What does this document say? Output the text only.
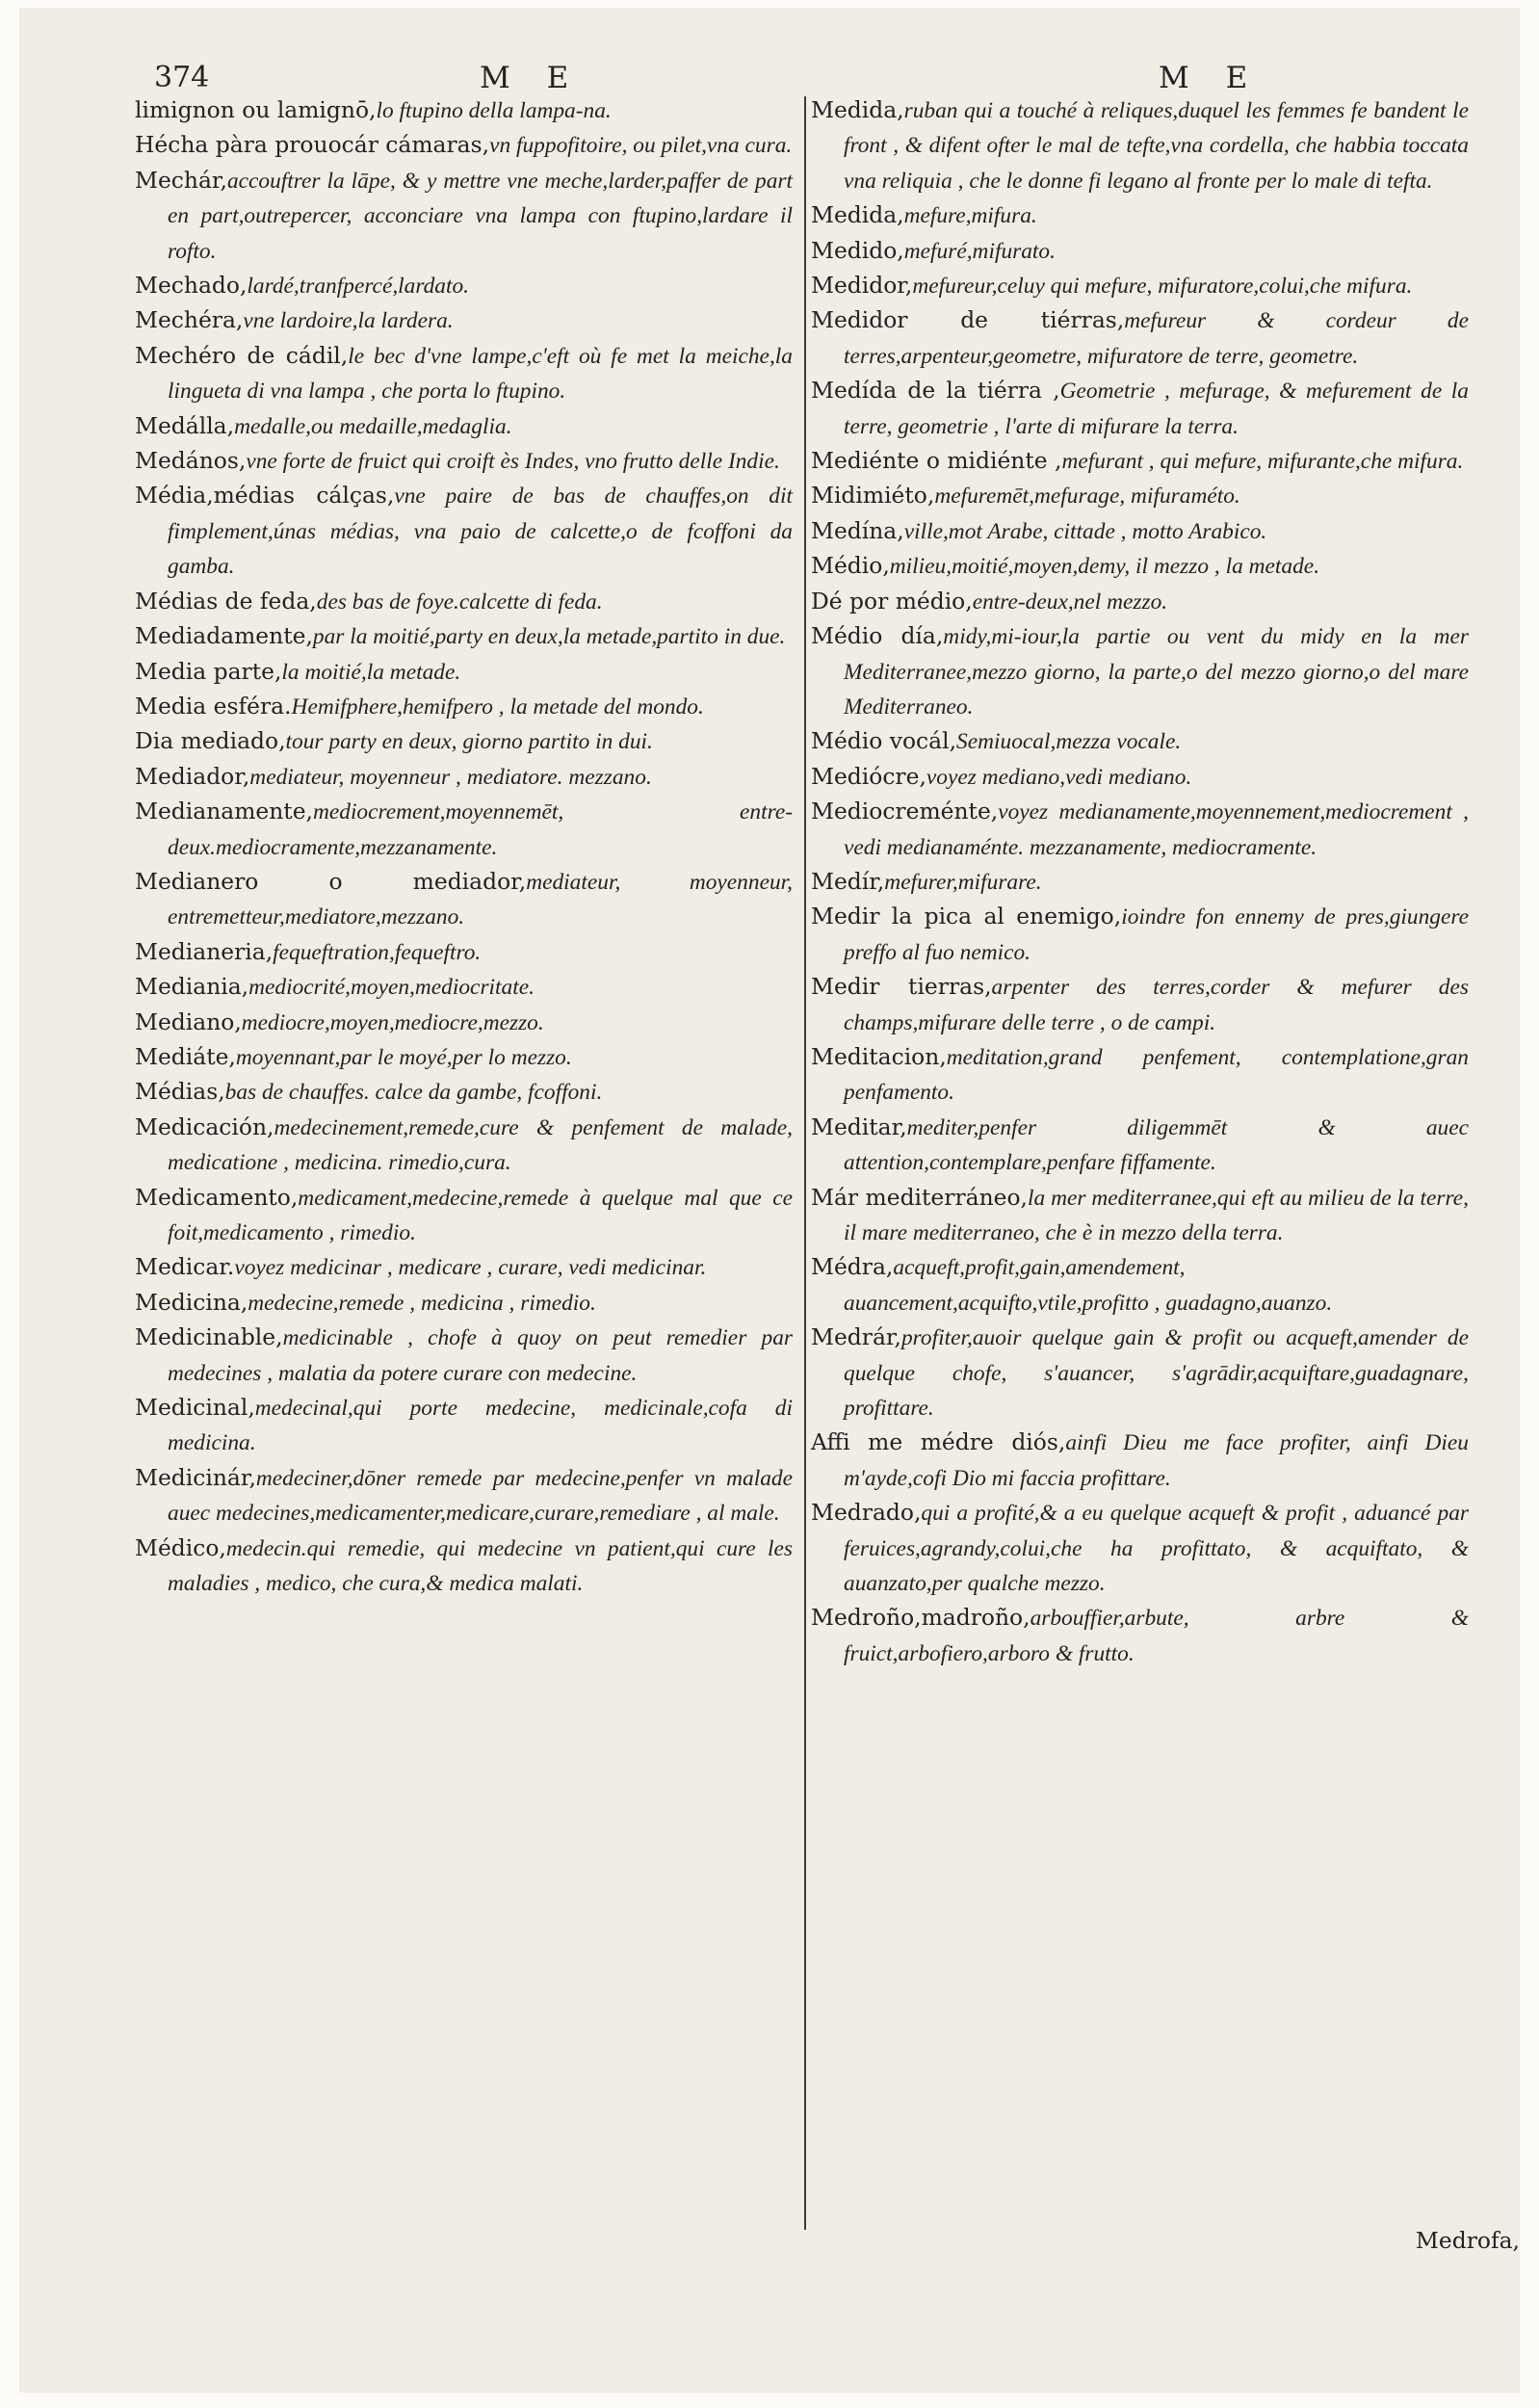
374	M E	M E
limignon ou lamignō,lo ftupino della lampa-na.
Hécha pàra prouocár cámaras,vn fuppofitoire, ou pilet,vna cura.
Mechár,accouftrer la lāpe, & y mettre vne meche,larder,paffer de part en part,outrepercer, acconciare vna lampa con ftupino,lardare il rofto.
Mechado,lardé,tranfpercé,lardato.
Mechéra,vne lardoire,la lardera.
Mechéro de cádil,le bec d'vne lampe,c'eft où fe met la meiche,la lingueta di vna lampa , che porta lo ftupino.
Medálla,medalle,ou medaille,medaglia.
Medános,vne forte de fruict qui croift ès Indes, vno frutto delle Indie.
Média,médias cálças,vne paire de bas de chauffes,on dit fimplement,únas médias, vna paio de calcette,o de fcoffoni da gamba.
Médias de feda,des bas de foye.calcette di feda.
Mediadamente,par la moitié,party en deux,la metade,partito in due.
Media parte,la moitié,la metade.
Media esféra.Hemifphere,hemifpero , la metade del mondo.
Dia mediado,tour party en deux, giorno partito in dui.
Mediador,mediateur, moyenneur , mediatore. mezzano.
Medianamente,mediocrement,moyennemēt, entre-deux.mediocramente,mezzanamente.
Medianero o mediador,mediateur, moyenneur, entremetteur,mediatore,mezzano.
Medianeria,fequeftration,fequeftro.
Mediania,mediocrité,moyen,mediocritate.
Mediano,mediocre,moyen,mediocre,mezzo.
Mediáte,moyennant,par le moyé,per lo mezzo.
Médias,bas de chauffes. calce da gambe, fcoffoni.
Medicación,medecinement,remede,cure & penfement de malade, medicatione , medicina. rimedio,cura.
Medicamento,medicament,medecine,remede à quelque mal que ce foit,medicamento , rimedio.
Medicar.voyez medicinar , medicare , curare, vedi medicinar.
Medicina,medecine,remede , medicina , rimedio.
Medicinable,medicinable , chofe à quoy on peut remedier par medecines , malatia da potere curare con medecine.
Medicinal,medecinal,qui porte medecine, medicinale,cofa di medicina.
Medicinár,medeciner,dōner remede par medecine,penfer vn malade auec medecines,medicamenter,medicare,curare,remediare , al male.
Médico,medecin.qui remedie, qui medecine vn patient,qui cure les maladies , medico, che cura,& medica malati.
Medida,ruban qui a touché à reliques,duquel les femmes fe bandent le front , & difent ofter le mal de tefte,vna cordella, che habbia toccata vna reliquia , che le donne fi legano al fronte per lo male di tefta.
Medida,mefure,mifura.
Medido,mefuré,mifurato.
Medidor,mefureur,celuy qui mefure, mifuratore,colui,che mifura.
Medidor de tiérras,mefureur & cordeur de terres,arpenteur,geometre, mifuratore de terre, geometre.
Medída de la tiérra ,Geometrie , mefurage, & mefurement de la terre, geometrie , l'arte di mifurare la terra.
Mediénte o midiénte ,mefurant , qui mefure, mifurante,che mifura.
Midimiéto,mefuremēt,mefurage, mifuraméto.
Medína,ville,mot Arabe, cittade , motto Arabico.
Médio,milieu,moitié,moyen,demy, il mezzo , la metade.
Dé por médio,entre-deux,nel mezzo.
Médio día,midy,mi-iour,la partie ou vent du midy en la mer Mediterranee,mezzo giorno, la parte,o del mezzo giorno,o del mare Mediterraneo.
Médio vocál,Semiuocal,mezza vocale.
Mediócre,voyez mediano,vedi mediano.
Mediocreménte,voyez medianamente,moyennement,mediocrement , vedi medianaménte. mezzanamente, mediocramente.
Medír,mefurer,mifurare.
Medir la pica al enemigo,ioindre fon ennemy de pres,giungere preffo al fuo nemico.
Medir tierras,arpenter des terres,corder & mefurer des champs,mifurare delle terre , o de campi.
Meditacion,meditation,grand penfement, contemplatione,gran penfamento.
Meditar,mediter,penfer diligemmēt & auec attention,contemplare,penfare fiffamente.
Már mediterráneo,la mer mediterranee,qui eft au milieu de la terre, il mare mediterraneo, che è in mezzo della terra.
Médra,acqueft,profit,gain,amendement, auancement,acquifto,vtile,profitto , guadagno,auanzo.
Medrár,profiter,auoir quelque gain & profit ou acqueft,amender de quelque chofe, s'auancer, s'agrādir,acquiftare,guadagnare, profittare.
Affi me médre diós,ainfi Dieu me face profiter, ainfi Dieu m'ayde,cofi Dio mi faccia profittare.
Medrado,qui a profité,& a eu quelque acqueft & profit , aduancé par feruices,agrandy,colui,che ha profittato, & acquiftato, & auanzato,per qualche mezzo.
Medroño,madroño,arbouffier,arbute, arbre & fruict,arbofiero,arboro & frutto.
Medrofa,
